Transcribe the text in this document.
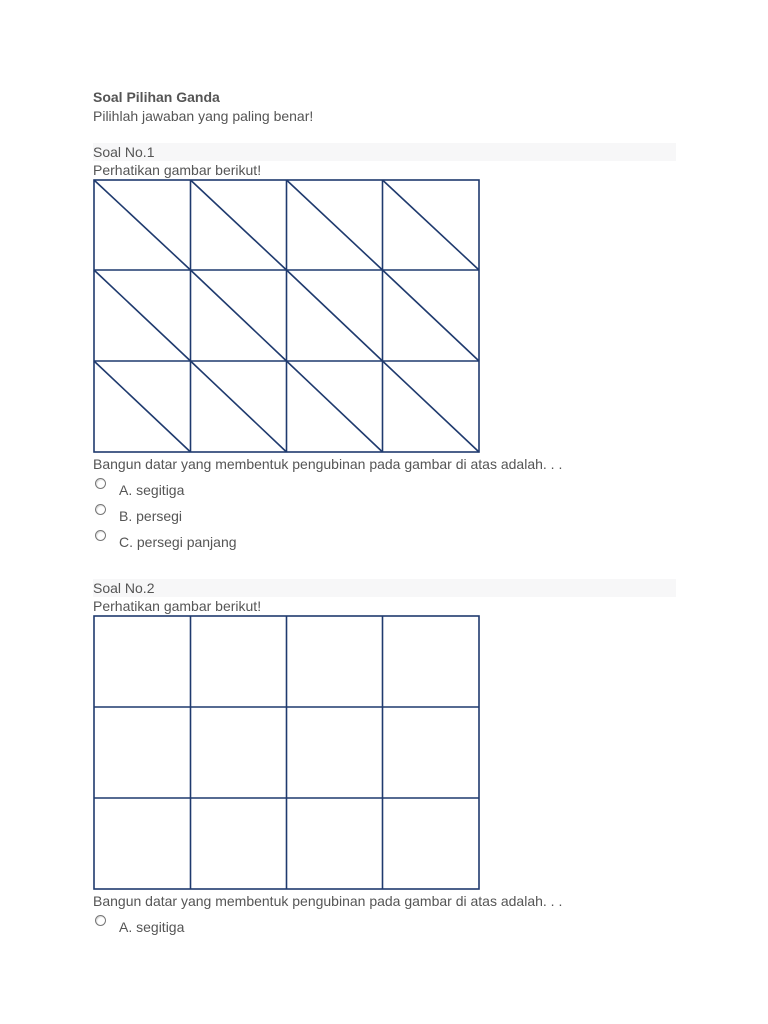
Soal Pilihan Ganda
Pilihlah jawaban yang paling benar!
Soal No.1
Perhatikan gambar berikut!
Bangun datar yang membentuk pengubinan pada gambar di atas adalah. . .
A. segitiga
B. persegi
C. persegi panjang
Soal No.2
Perhatikan gambar berikut!
Bangun datar yang membentuk pengubinan pada gambar di atas adalah. . .
A. segitiga
